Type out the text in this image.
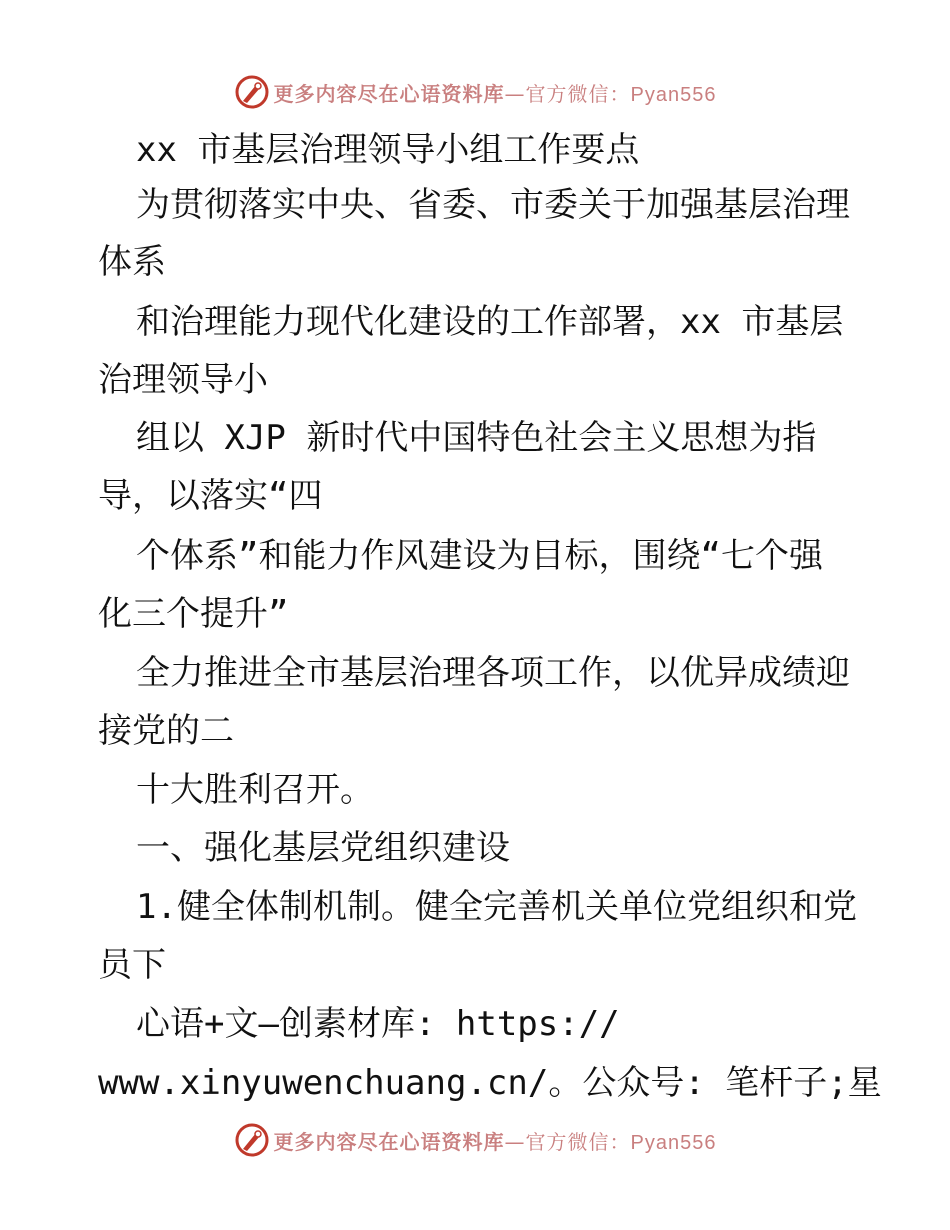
更多内容尽在心语资料库—官方微信：Pyan556
xx 市基层治理领导小组工作要点
为贯彻落实中央、省委、市委关于加强基层治理
体系
和治理能力现代化建设的工作部署，xx 市基层
治理领导小
组以 XJP 新时代中国特色社会主义思想为指
导，以落实“四
个体系”和能力作风建设为目标，围绕“七个强
化三个提升”
全力推进全市基层治理各项工作，以优异成绩迎
接党的二
十大胜利召开。
一、强化基层党组织建设
1.健全体制机制。健全完善机关单位党组织和党
员下
心语+文—创素材库: https://
www.xinyuwenchuang.cn/。公众号: 笔杆子;星
更多内容尽在心语资料库—官方微信：Pyan556
